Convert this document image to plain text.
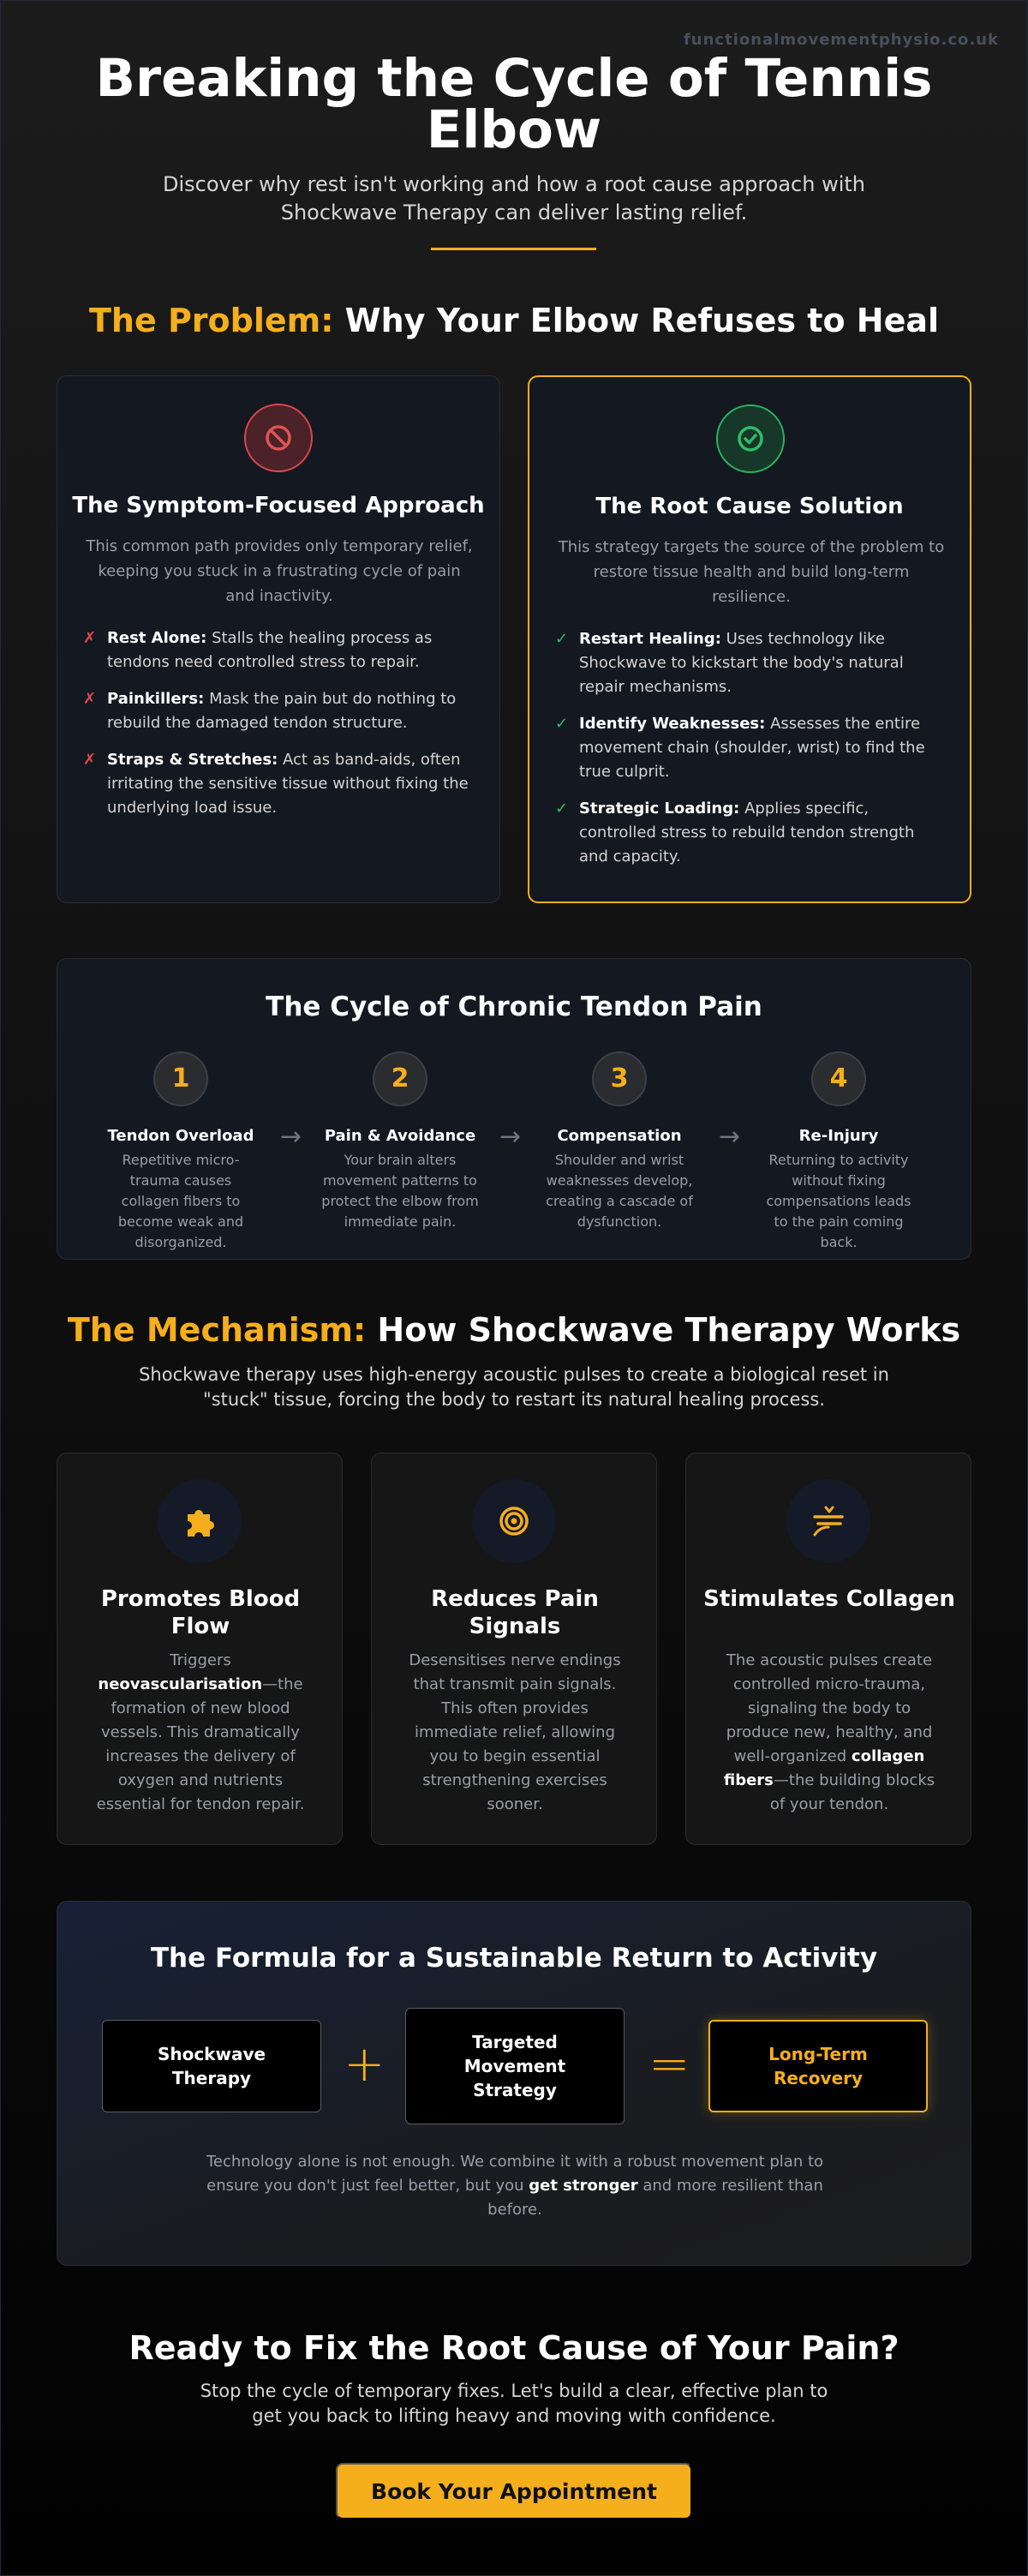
functionalmovementphysio.co.uk
Breaking the Cycle of Tennis Elbow

Discover why rest isn't working and how a root cause approach with Shockwave Therapy can deliver lasting relief.

The Problem: Why Your Elbow Refuses to Heal
The Symptom-Focused Approach

This common path provides only temporary relief, keeping you stuck in a frustrating cycle of pain and inactivity.

✗ Rest Alone: Stalls the healing process as tendons need controlled stress to repair.
✗ Painkillers: Mask the pain but do nothing to rebuild the damaged tendon structure.
✗ Straps & Stretches: Act as band-aids, often irritating the sensitive tissue without fixing the underlying load issue.
The Root Cause Solution

This strategy targets the source of the problem to restore tissue health and build long-term resilience.

✓ Restart Healing: Uses technology like Shockwave to kickstart the body's natural repair mechanisms.
✓ Identify Weaknesses: Assesses the entire movement chain (shoulder, wrist) to find the true culprit.
✓ Strategic Loading: Applies specific, controlled stress to rebuild tendon strength and capacity.
The Cycle of Chronic Tendon Pain
1
Tendon Overload
Repetitive micro-trauma causes collagen fibers to become weak and disorganized.
→
2
Pain & Avoidance
Your brain alters movement patterns to protect the elbow from immediate pain.
→
3
Compensation
Shoulder and wrist weaknesses develop, creating a cascade of dysfunction.
→
4
Re-Injury
Returning to activity without fixing compensations leads to the pain coming back.
The Mechanism: How Shockwave Therapy Works

Shockwave therapy uses high-energy acoustic pulses to create a biological reset in "stuck" tissue, forcing the body to restart its natural healing process.

Promotes Blood Flow

Triggers neovascularisation—the formation of new blood vessels. This dramatically increases the delivery of oxygen and nutrients essential for tendon repair.

Reduces Pain Signals

Desensitises nerve endings that transmit pain signals. This often provides immediate relief, allowing you to begin essential strengthening exercises sooner.

Stimulates Collagen

The acoustic pulses create controlled micro-trauma, signaling the body to produce new, healthy, and well-organized collagen fibers—the building blocks of your tendon.

The Formula for a Sustainable Return to Activity
Shockwave Therapy	+	Targeted Movement Strategy	=	Long-Term Recovery

Technology alone is not enough. We combine it with a robust movement plan to ensure you don't just feel better, but you get stronger and more resilient than before.

Ready to Fix the Root Cause of Your Pain?

Stop the cycle of temporary fixes. Let's build a clear, effective plan to get you back to lifting heavy and moving with confidence.

Book Your Appointment
